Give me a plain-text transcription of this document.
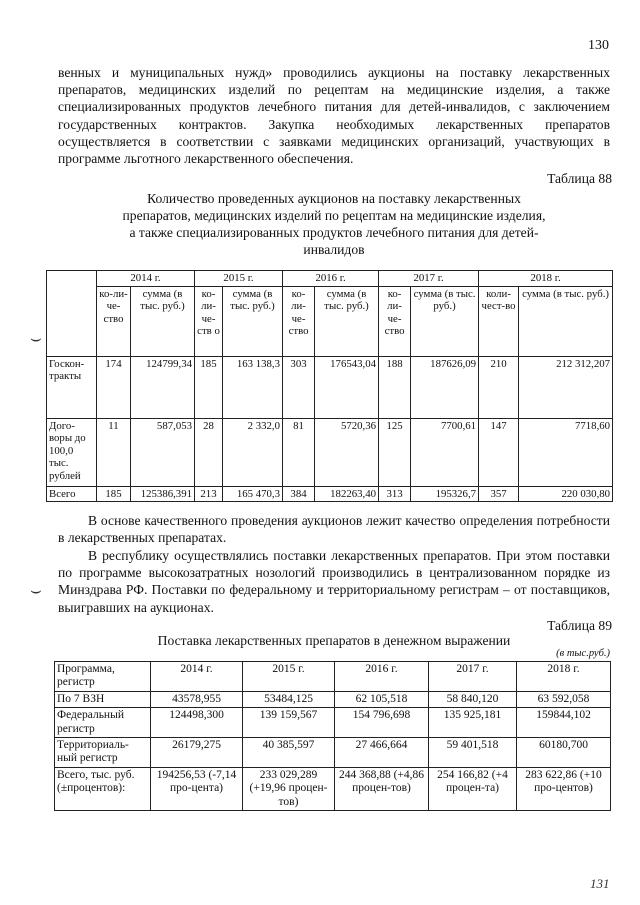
130

венных и муниципальных нужд» проводились аукционы на поставку лекарственных препаратов, медицинских изделий по рецептам на медицинские изделия, а также специализированных продуктов лечебного питания для детей-инвалидов, с заключением государственных контрактов. Закупка необходимых лекарственных препаратов осуществляется в соответствии с заявками медицинских организаций, участвующих в программе льготного лекарственного обеспечения.

Таблица 88

Количество проведенных аукционов на поставку лекарственных препаратов, медицинских изделий по рецептам на медицинские изделия, а также специализированных продуктов лечебного питания для детей-инвалидов

⌣
	2014 г.		2015 г.		2016 г.		2017 г.		2018 г.	
	ко-ли-че-ство	сумма (в тыс. руб.)	ко-ли-че-ств о	сумма (в тыс. руб.)	ко-ли-че-ство	сумма (в тыс. руб.)	ко-ли-че-ство	сумма (в тыс. руб.)	коли-чест-во	сумма (в тыс. руб.)
Госкон-тракты	174	124799,34	185	163 138,3	303	176543,04	188	187626,09	210	212 312,207
Дого-воры до 100,0 тыс. рублей	11	587,053	28	2 332,0	81	5720,36	125	7700,61	147	7718,60
Всего	185	125386,391	213	165 470,3	384	182263,40	313	195326,7	357	220 030,80

В основе качественного проведения аукционов лежит качество определения потребности в лекарственных препаратах.

В республику осуществлялись поставки лекарственных препаратов. При этом поставки по программе высокозатратных нозологий производились в централизованном порядке из Минздрава РФ. Поставки по федеральному и территориальному регистрам – от поставщиков, выигравших на аукционах.

⌣
Таблица 89

Поставка лекарственных препаратов в денежном выражении

(в тыс.руб.)
Программа, регистр	2014 г.	2015 г.	2016 г.	2017 г.	2018 г.
По 7 ВЗН	43578,955	53484,125	62 105,518	58 840,120	63 592,058
Федеральный регистр	124498,300	139 159,567	154 796,698	135 925,181	159844,102
Территориаль-ный регистр	26179,275	40 385,597	27 466,664	59 401,518	60180,700
Всего, тыс. руб. (±процентов):	194256,53 (-7,14 про-цента)	233 029,289 (+19,96 процен-тов)	244 368,88 (+4,86 процен-тов)	254 166,82 (+4 процен-та)	283 622,86 (+10 про-центов)
131
